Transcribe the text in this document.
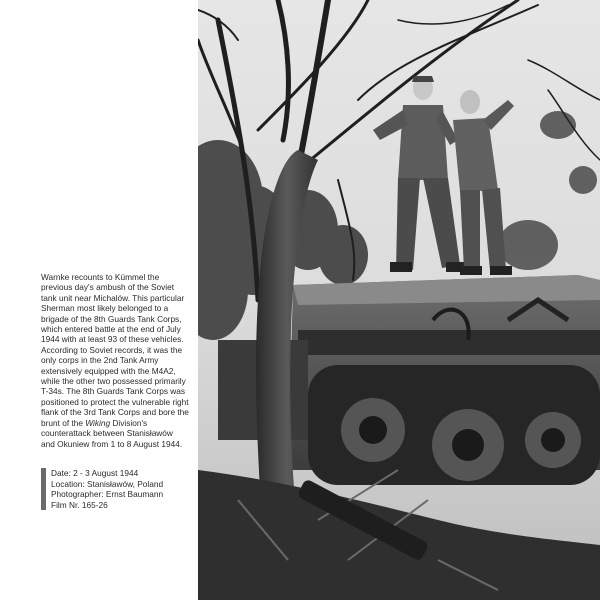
Warnke recounts to Kümmel the previous day's ambush of the Soviet tank unit near Michalów. This particular Sherman most likely belonged to a brigade of the 8th Guards Tank Corps, which entered battle at the end of July 1944 with at least 93 of these vehicles. According to Soviet records, it was the only corps in the 2nd Tank Army extensively equipped with the M4A2, while the other two possessed primarily T-34s. The 8th Guards Tank Corps was positioned to protect the vulnerable right flank of the 3rd Tank Corps and bore the brunt of the Wiking Division's counterattack between Stanisławów and Okuniew from 1 to 8 August 1944.

Date: 2 - 3 August 1944
Location: Stanisławów, Poland
Photographer: Ernst Baumann
Film Nr. 165-26
